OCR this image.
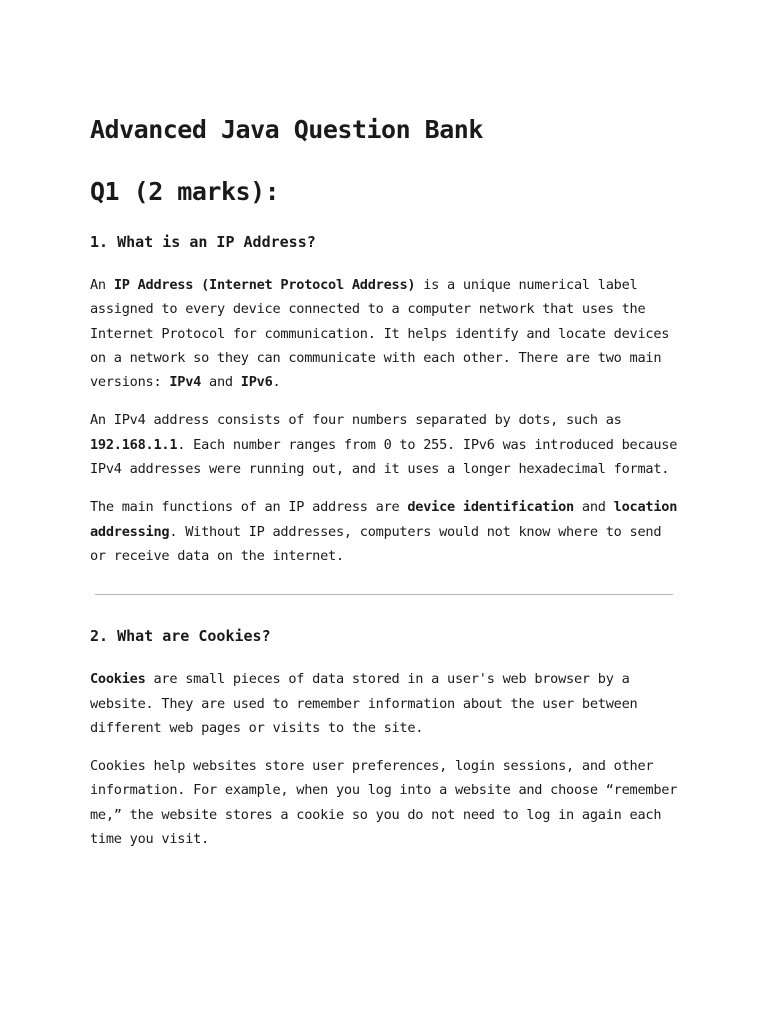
Advanced Java Question Bank
Q1 (2 marks):
1. What is an IP Address?

An IP Address (Internet Protocol Address) is a unique numerical label assigned to every device connected to a computer network that uses the Internet Protocol for communication. It helps identify and locate devices on a network so they can communicate with each other. There are two main versions: IPv4 and IPv6.

An IPv4 address consists of four numbers separated by dots, such as 192.168.1.1. Each number ranges from 0 to 255. IPv6 was introduced because IPv4 addresses were running out, and it uses a longer hexadecimal format.

The main functions of an IP address are device identification and location addressing. Without IP addresses, computers would not know where to send or receive data on the internet.

2. What are Cookies?

Cookies are small pieces of data stored in a user's web browser by a website. They are used to remember information about the user between different web pages or visits to the site.

Cookies help websites store user preferences, login sessions, and other information. For example, when you log into a website and choose “remember me,” the website stores a cookie so you do not need to log in again each time you visit.
